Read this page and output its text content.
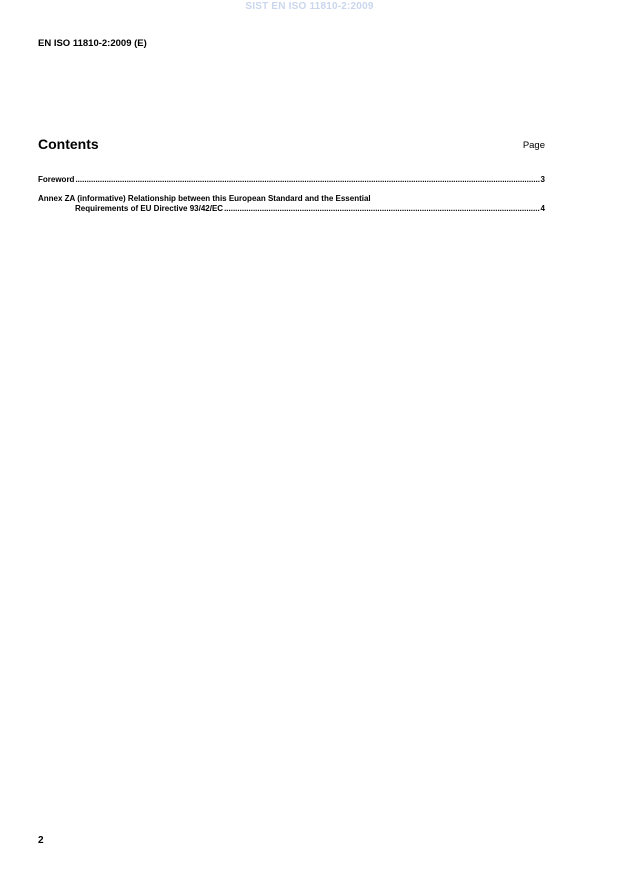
SIST EN ISO 11810-2:2009
EN ISO 11810-2:2009 (E)
Contents	Page
Foreword .....	3
Annex ZA (informative) Relationship between this European Standard and the Essential
Requirements of EU Directive 93/42/EC .....	4
2
